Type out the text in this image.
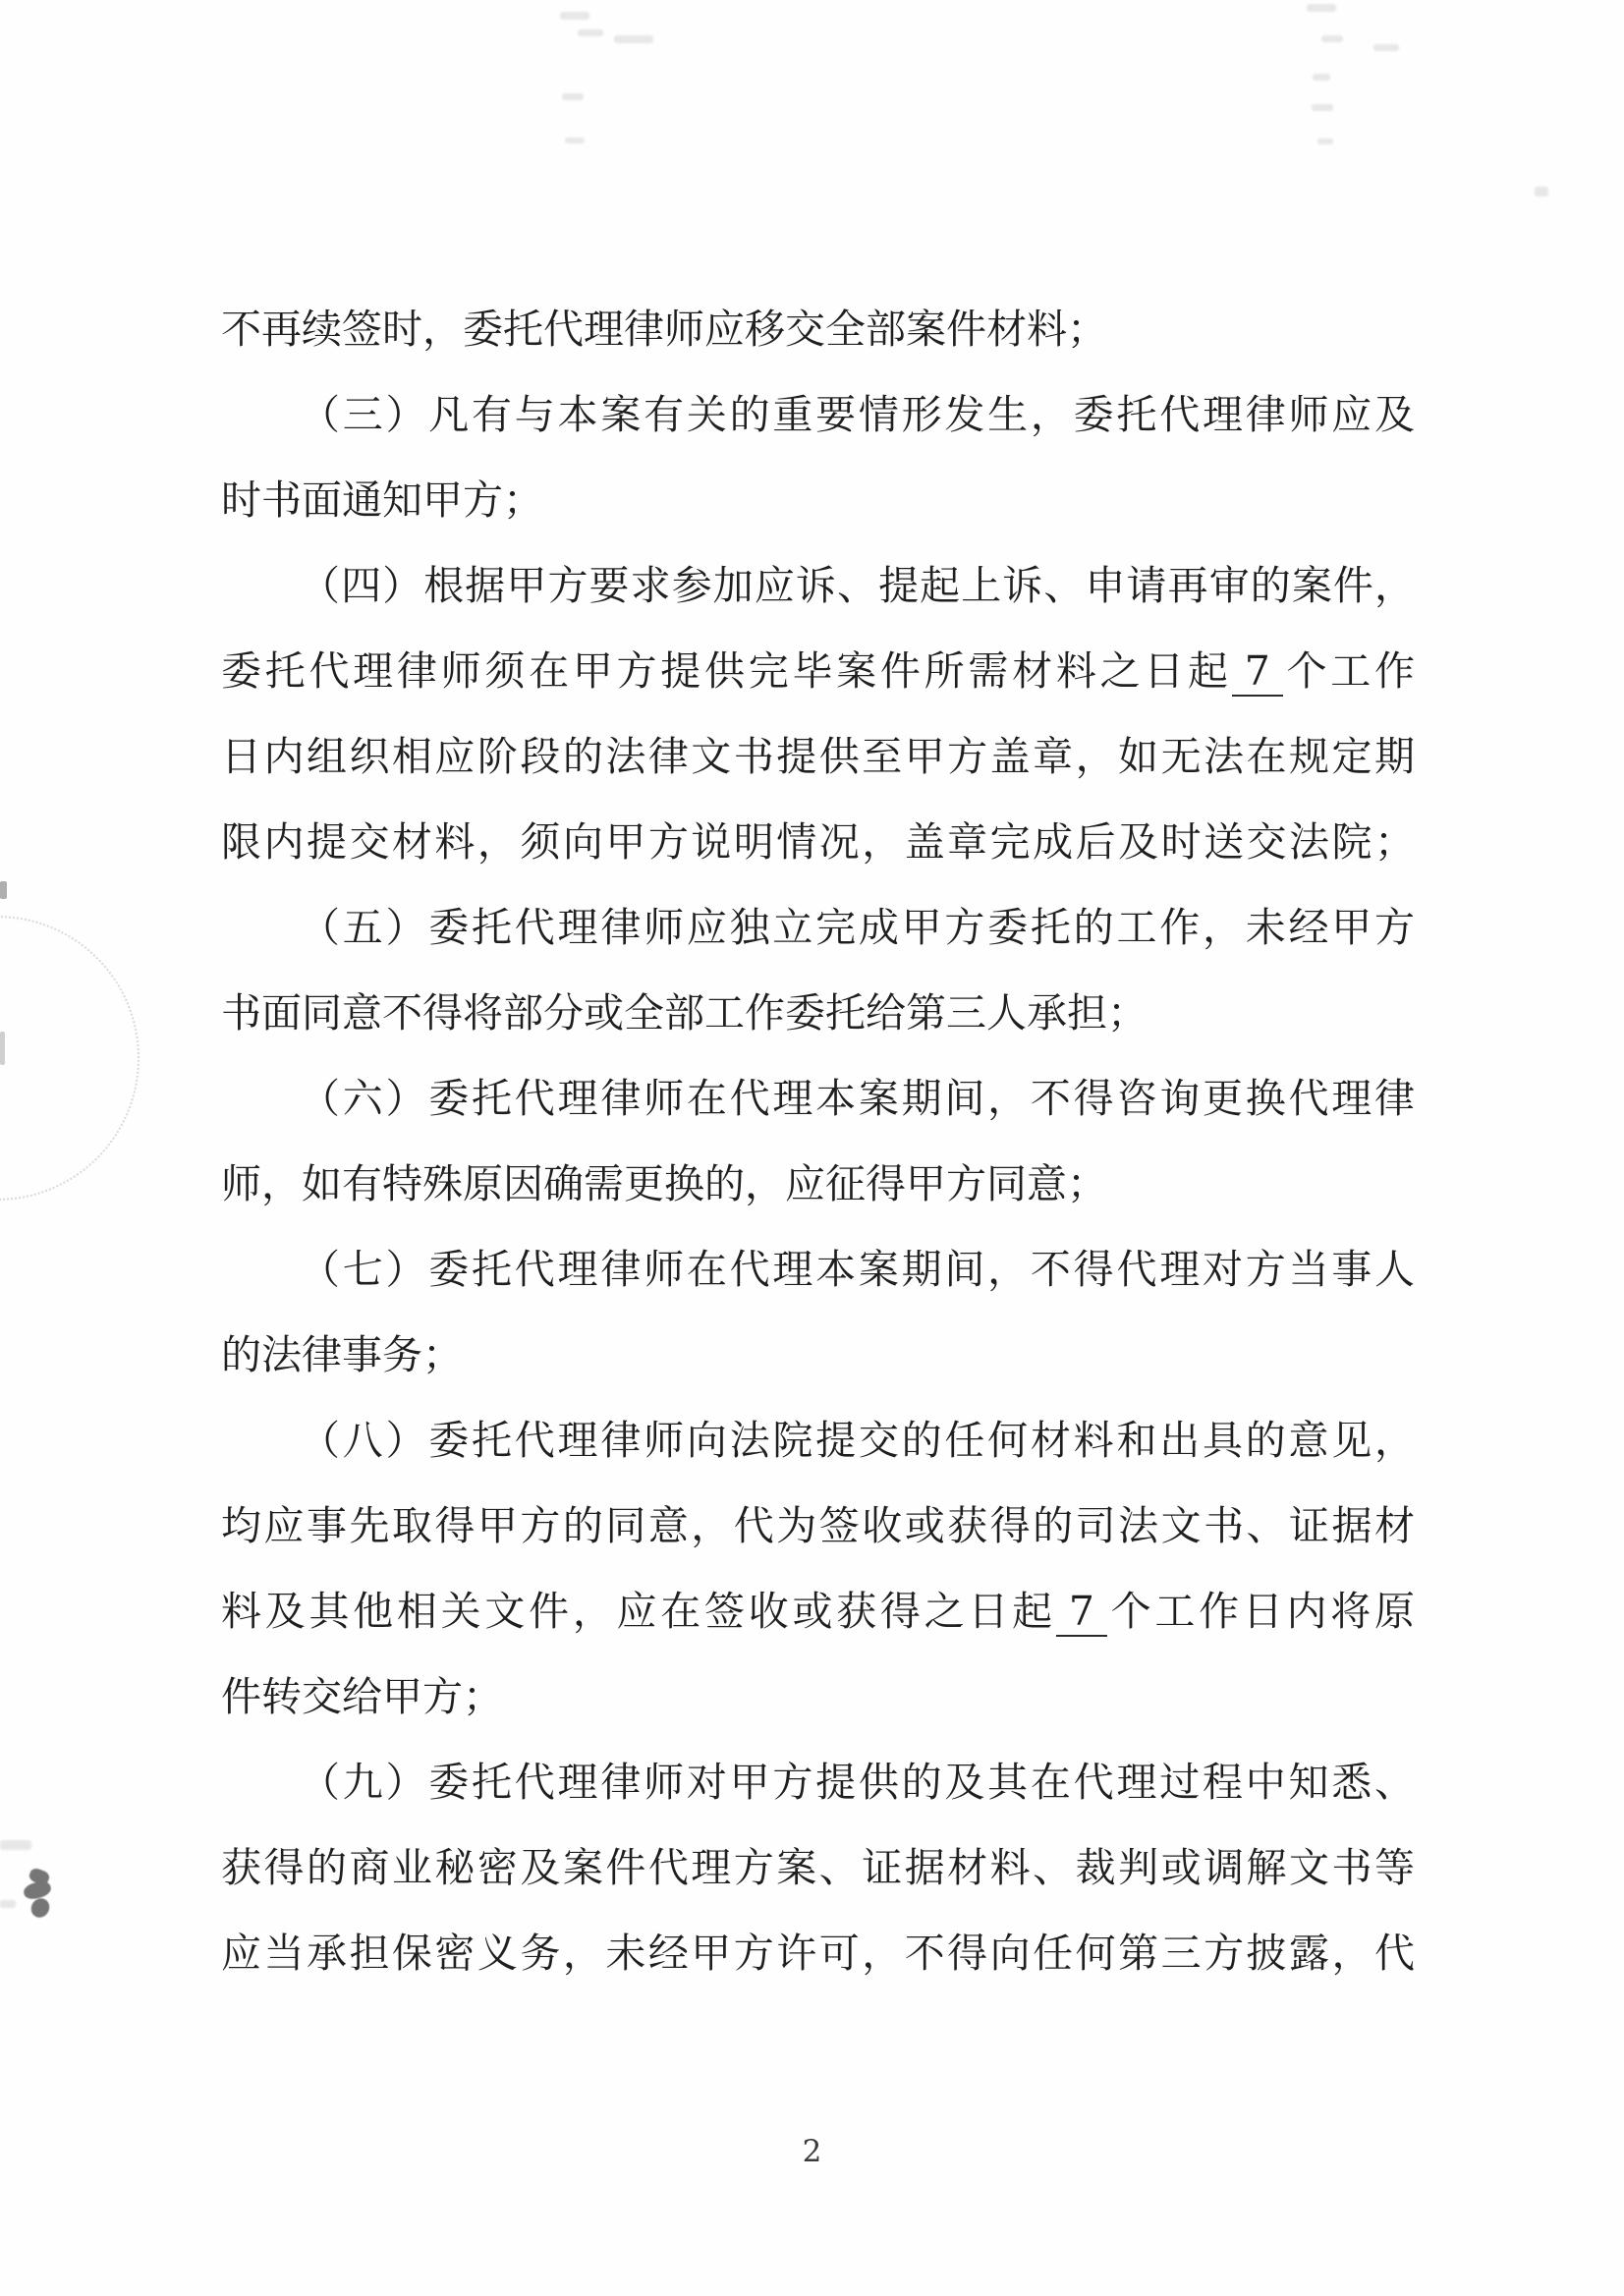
不再续签时，委托代理律师应移交全部案件材料；
（三）凡有与本案有关的重要情形发生，委托代理律师应及
时书面通知甲方；
（四）根据甲方要求参加应诉、提起上诉、申请再审的案件，
委托代理律师须在甲方提供完毕案件所需材料之日起 7 个工作
日内组织相应阶段的法律文书提供至甲方盖章，如无法在规定期
限内提交材料，须向甲方说明情况，盖章完成后及时送交法院；
（五）委托代理律师应独立完成甲方委托的工作，未经甲方
书面同意不得将部分或全部工作委托给第三人承担；
（六）委托代理律师在代理本案期间，不得咨询更换代理律
师，如有特殊原因确需更换的，应征得甲方同意；
（七）委托代理律师在代理本案期间，不得代理对方当事人
的法律事务；
（八）委托代理律师向法院提交的任何材料和出具的意见，
均应事先取得甲方的同意，代为签收或获得的司法文书、证据材
料及其他相关文件，应在签收或获得之日起 7 个工作日内将原
件转交给甲方；
（九）委托代理律师对甲方提供的及其在代理过程中知悉、
获得的商业秘密及案件代理方案、证据材料、裁判或调解文书等
应当承担保密义务，未经甲方许可，不得向任何第三方披露，代
2
